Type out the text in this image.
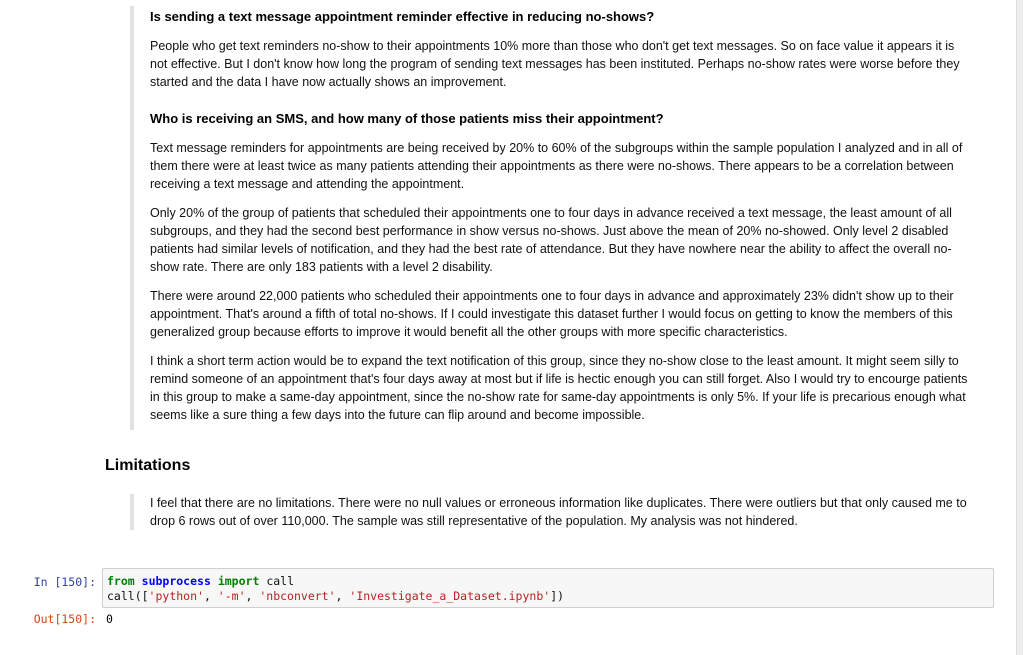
Is sending a text message appointment reminder effective in reducing no-shows?

People who get text reminders no-show to their appointments 10% more than those who don't get text messages. So on face value it appears it is not effective. But I don't know how long the program of sending text messages has been instituted. Perhaps no-show rates were worse before they started and the data I have now actually shows an improvement.

Who is receiving an SMS, and how many of those patients miss their appointment?

Text message reminders for appointments are being received by 20% to 60% of the subgroups within the sample population I analyzed and in all of them there were at least twice as many patients attending their appointments as there were no-shows. There appears to be a correlation between receiving a text message and attending the appointment.

Only 20% of the group of patients that scheduled their appointments one to four days in advance received a text message, the least amount of all subgroups, and they had the second best performance in show versus no-shows. Just above the mean of 20% no-showed. Only level 2 disabled patients had similar levels of notification, and they had the best rate of attendance. But they have nowhere near the ability to affect the overall no-show rate. There are only 183 patients with a level 2 disability.

There were around 22,000 patients who scheduled their appointments one to four days in advance and approximately 23% didn't show up to their appointment. That's around a fifth of total no-shows. If I could investigate this dataset further I would focus on getting to know the members of this generalized group because efforts to improve it would benefit all the other groups with more specific characteristics.

I think a short term action would be to expand the text notification of this group, since they no-show close to the least amount. It might seem silly to remind someone of an appointment that's four days away at most but if life is hectic enough you can still forget. Also I would try to encourge patients in this group to make a same-day appointment, since the no-show rate for same-day appointments is only 5%. If your life is precarious enough what seems like a sure thing a few days into the future can flip around and become impossible.

Limitations

I feel that there are no limitations. There were no null values or erroneous information like duplicates. There were outliers but that only caused me to drop 6 rows out of over 110,000. The sample was still representative of the population. My analysis was not hindered.

In [150]: from subprocess import call
call(['python', '-m', 'nbconvert', 'Investigate_a_Dataset.ipynb'])
Out[150]: 0
